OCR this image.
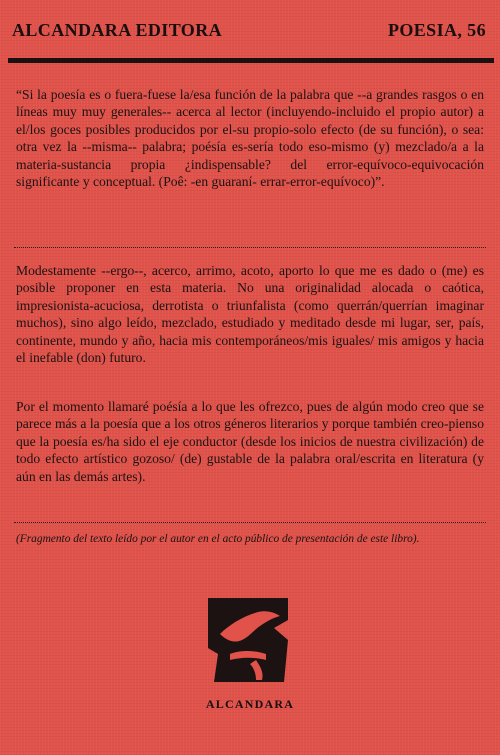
ALCANDARA EDITORA	POESIA, 56
“Si la poesía es o fuera-fuese la/esa función de la palabra que --a grandes rasgos o en líneas muy muy generales-- acerca al lector (incluyendo-incluido el propio autor) a el/los goces posibles producidos por el-su propio-solo efecto (de su función), o sea: otra vez la --misma-- palabra; poésía es-sería todo eso-mismo (y) mezclado/a a la materia-sustancia propia ¿indispensable? del error-equívoco-equivocación significante y conceptual. (Poê: -en guaraní- errar-error-equívoco)”.
Modestamente --ergo--, acerco, arrimo, acoto, aporto lo que me es dado o (me) es posible proponer en esta materia. No una originalidad alocada o caótica, impresionista-acuciosa, derrotista o triunfalista (como querrán/querrían imaginar muchos), sino algo leído, mezclado, estudiado y meditado desde mi lugar, ser, país, continente, mundo y año, hacia mis contemporáneos/mis iguales/ mis amigos y hacia el inefable (don) futuro.
Por el momento llamaré poésía a lo que les ofrezco, pues de algún modo creo que se parece más a la poesía que a los otros géneros literarios y porque también creo-pienso que la poesía es/ha sido el eje conductor (desde los inicios de nuestra civilización) de todo efecto artístico gozoso/ (de) gustable de la palabra oral/escrita en literatura (y aún en las demás artes).
(Fragmento del texto leído por el autor en el acto público de presentación de este libro).
ALCANDARA
